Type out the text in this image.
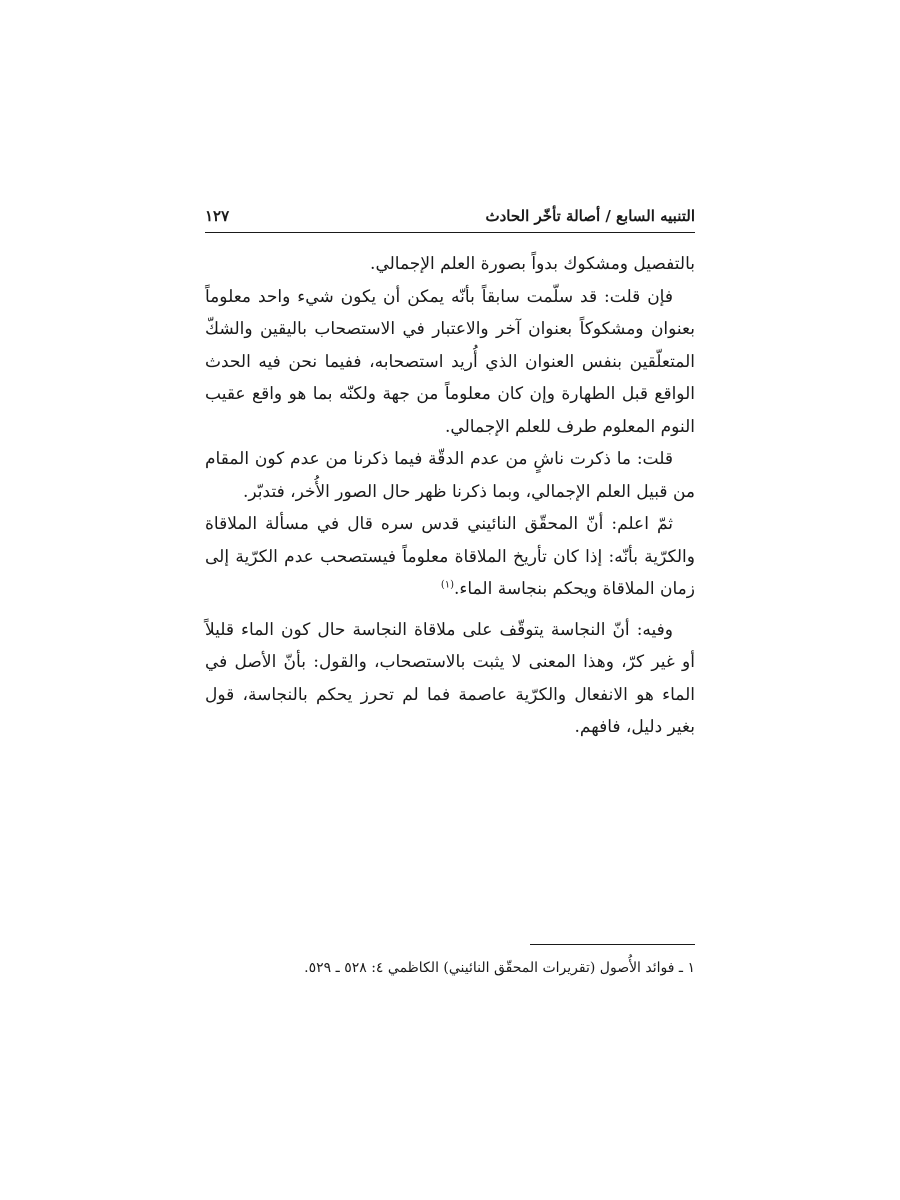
التنبيه السابع / أصالة تأخّر الحادث
١٢٧

بالتفصيل ومشكوك بدواً بصورة العلم الإجمالي.

فإن قلت: قد سلّمت سابقاً بأنّه يمكن أن يكون شيء واحد معلوماً بعنوان ومشكوكاً بعنوان آخر والاعتبار في الاستصحاب باليقين والشكّ المتعلّقين بنفس العنوان الذي أُريد استصحابه، ففيما نحن فيه الحدث الواقع قبل الطهارة وإن كان معلوماً من جهة ولكنّه بما هو واقع عقيب النوم المعلوم طرف للعلم الإجمالي.

قلت: ما ذكرت ناشٍ من عدم الدقّة فيما ذكرنا من عدم كون المقام من قبيل العلم الإجمالي، وبما ذكرنا ظهر حال الصور الأُخر، فتدبّر.

ثمّ اعلم: أنّ المحقّق النائيني قدس سره قال في مسألة الملاقاة والكرّية بأنّه: إذا كان تأريخ الملاقاة معلوماً فيستصحب عدم الكرّية إلى زمان الملاقاة ويحكم بنجاسة الماء.$^{(١)}$

وفيه: أنّ النجاسة يتوقّف على ملاقاة النجاسة حال كون الماء قليلاً أو غير كرّ، وهذا المعنى لا يثبت بالاستصحاب، والقول: بأنّ الأصل في الماء هو الانفعال والكرّية عاصمة فما لم تحرز يحكم بالنجاسة، قول بغير دليل، فافهم.

١ ـ فوائد الأُصول (تقريرات المحقّق النائيني) الكاظمي ٤: ٥٢٨ ـ ٥٢٩.
